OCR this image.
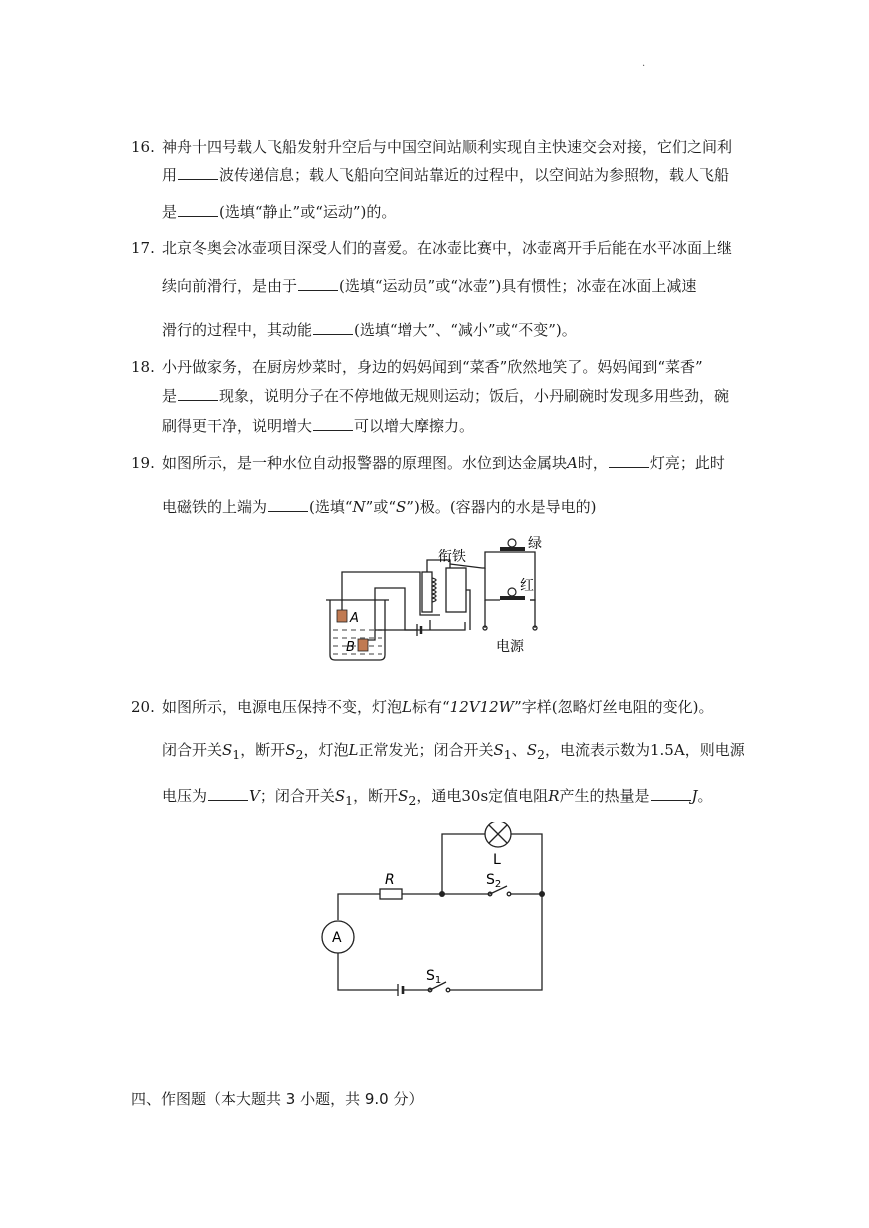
.
16. 神舟十四号载人飞船发射升空后与中国空间站顺利实现自主快速交会对接，它们之间利
用	波传递信息；载人飞船向空间站靠近的过程中，以空间站为参照物，载人飞船
是	(选填“静止”或“运动”)的。
17. 北京冬奥会冰壶项目深受人们的喜爱。在冰壶比赛中，冰壶离开手后能在水平冰面上继
续向前滑行，是由于	(选填“运动员”或“冰壶”)具有惯性；冰壶在冰面上减速
滑行的过程中，其动能	(选填“增大”、“减小”或“不变”)。
18. 小丹做家务，在厨房炒菜时，身边的妈妈闻到“菜香”欣然地笑了。妈妈闻到“菜香”
是	现象，说明分子在不停地做无规则运动；饭后，小丹刷碗时发现多用些劲，碗
刷得更干净，说明增大	可以增大摩擦力。
19. 如图所示，是一种水位自动报警器的原理图。水位到达金属块A时，	灯亮；此时
电磁铁的上端为	(选填“N”或“S”)极。(容器内的水是导电的)
衔铁
绿
红
A
B	电源
20. 如图所示，电源电压保持不变，灯泡L标有“12V12W”字样(忽略灯丝电阻的变化)。
闭合开关$S_1$，断开$S_2$，灯泡L正常发光；闭合开关$S_1$、$S_2$，电流表示数为1.5A，则电源
电压为	V；闭合开关$S_1$，断开$S_2$，通电30s定值电阻R产生的热量是	J。
L
R	$S_2$
A
$S_1$
四、作图题（本大题共 3 小题，共 9.0 分）
